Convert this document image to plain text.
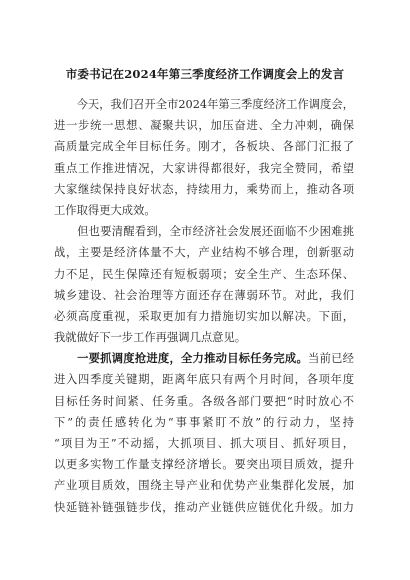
市委书记在2024年第三季度经济工作调度会上的发言
　　今天，我们召开全市2024年第三季度经济工作调度会，
进一步统一思想、凝聚共识，加压奋进、全力冲刺，确保
高质量完成全年目标任务。刚才，各板块、各部门汇报了
重点工作推进情况，大家讲得都很好，我完全赞同，希望
大家继续保持良好状态，持续用力，乘势而上，推动各项
工作取得更大成效。
　　但也要清醒看到，全市经济社会发展还面临不少困难挑
战，主要是经济体量不大，产业结构不够合理，创新驱动
力不足，民生保障还有短板弱项；安全生产、生态环保、
城乡建设、社会治理等方面还存在薄弱环节。对此，我们
必须高度重视，采取更加有力措施切实加以解决。下面，
我就做好下一步工作再强调几点意见。
　　一要抓调度抢进度，全力推动目标任务完成。当前已经
进入四季度关键期，距离年底只有两个月时间，各项年度
目标任务时间紧、任务重。各级各部门要把“时时放心不
下”的责任感转化为“事事紧盯不放”的行动力，坚持
“项目为王”不动摇，大抓项目、抓大项目、抓好项目，
以更多实物工作量支撑经济增长。要突出项目质效，提升
产业项目质效，围绕主导产业和优势产业集群化发展，加
快延链补链强链步伐，推动产业链供应链优化升级。加力
